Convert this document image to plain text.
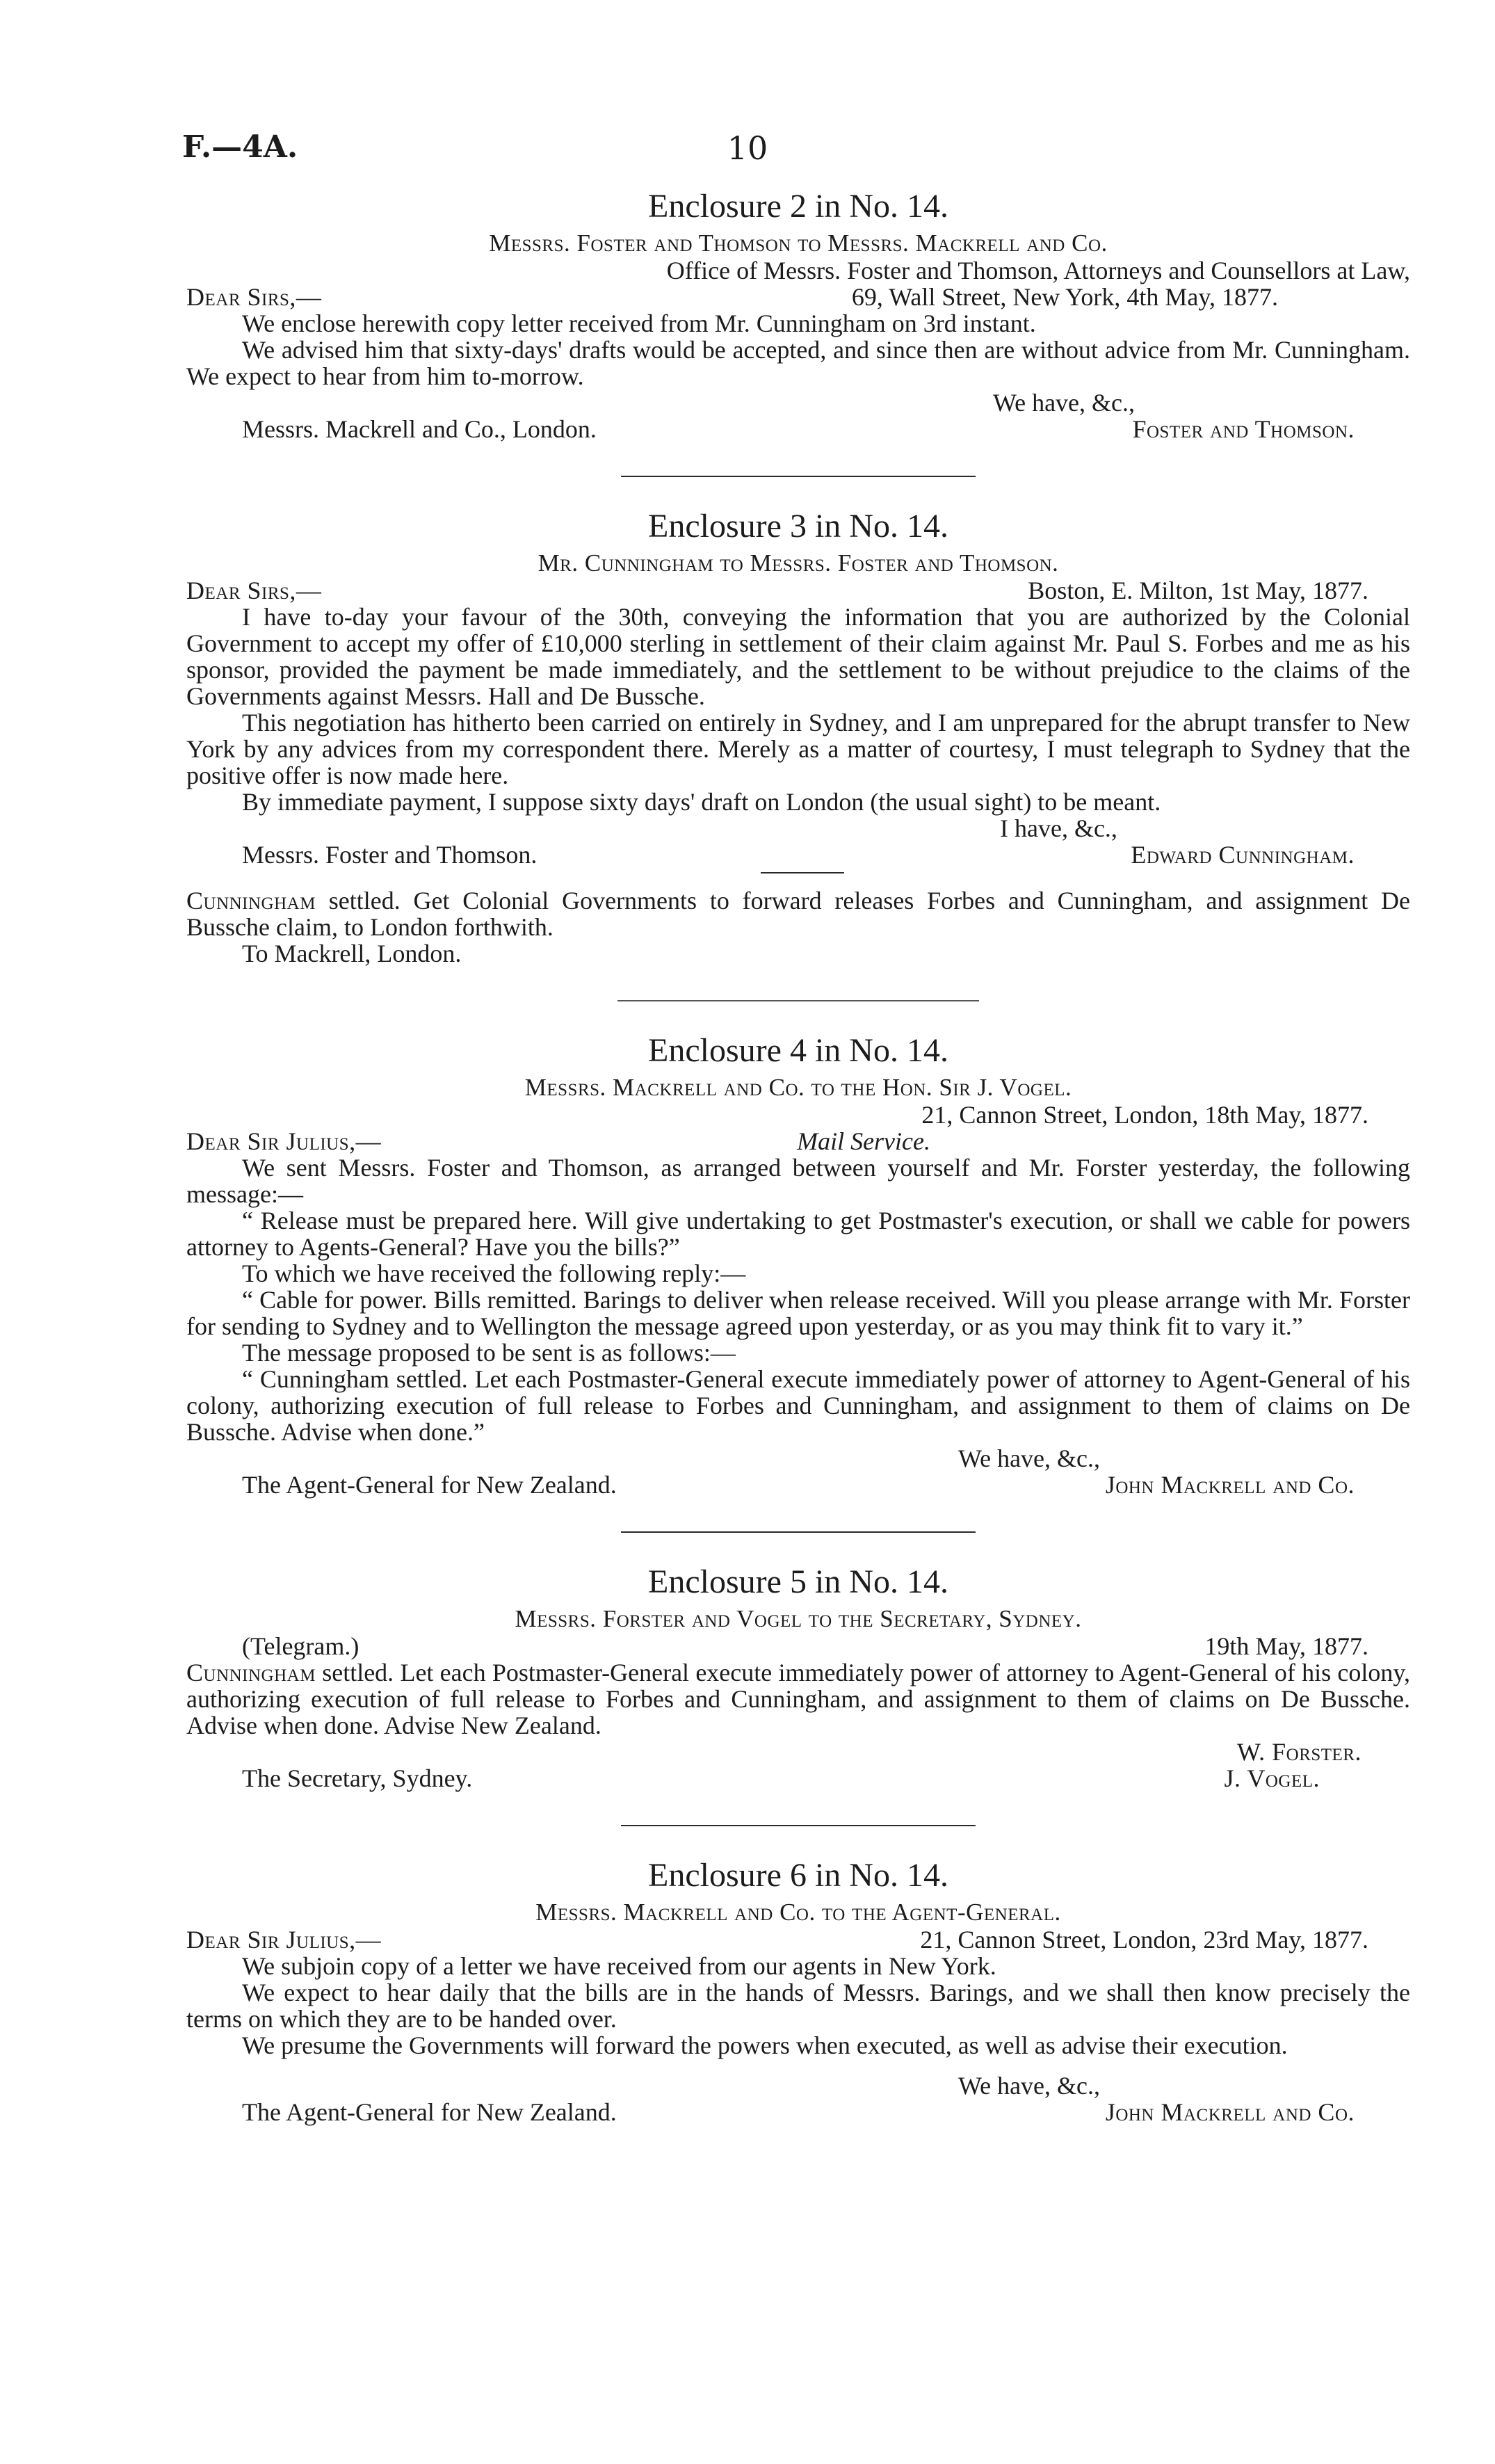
F.—4A.	10
Enclosure 2 in No. 14.
Messrs. Foster and Thomson to Messrs. Mackrell and Co.
Office of Messrs. Foster and Thomson, Attorneys and Counsellors at Law,
Dear Sirs,—	69, Wall Street, New York, 4th May, 1877.
We enclose herewith copy letter received from Mr. Cunningham on 3rd instant.
We advised him that sixty-days' drafts would be accepted, and since then are without advice from Mr. Cunningham. We expect to hear from him to-morrow.
We have, &c.,
Messrs. Mackrell and Co., London.	Foster and Thomson.
Enclosure 3 in No. 14.
Mr. Cunningham to Messrs. Foster and Thomson.
Dear Sirs,—	Boston, E. Milton, 1st May, 1877.
I have to-day your favour of the 30th, conveying the information that you are authorized by the Colonial Government to accept my offer of £10,000 sterling in settlement of their claim against Mr. Paul S. Forbes and me as his sponsor, provided the payment be made immediately, and the settlement to be without prejudice to the claims of the Governments against Messrs. Hall and De Bussche.
This negotiation has hitherto been carried on entirely in Sydney, and I am unprepared for the abrupt transfer to New York by any advices from my correspondent there. Merely as a matter of courtesy, I must telegraph to Sydney that the positive offer is now made here.
By immediate payment, I suppose sixty days' draft on London (the usual sight) to be meant.
I have, &c.,
Messrs. Foster and Thomson.	Edward Cunningham.
Cunningham settled. Get Colonial Governments to forward releases Forbes and Cunningham, and assignment De Bussche claim, to London forthwith.
To Mackrell, London.
Enclosure 4 in No. 14.
Messrs. Mackrell and Co. to the Hon. Sir J. Vogel.
21, Cannon Street, London, 18th May, 1877.
Dear Sir Julius,—	Mail Service.
We sent Messrs. Foster and Thomson, as arranged between yourself and Mr. Forster yesterday, the following message:—
“ Release must be prepared here. Will give undertaking to get Postmaster's execution, or shall we cable for powers attorney to Agents-General? Have you the bills?”
To which we have received the following reply:—
“ Cable for power. Bills remitted. Barings to deliver when release received. Will you please arrange with Mr. Forster for sending to Sydney and to Wellington the message agreed upon yesterday, or as you may think fit to vary it.”
The message proposed to be sent is as follows:—
“ Cunningham settled. Let each Postmaster-General execute immediately power of attorney to Agent-General of his colony, authorizing execution of full release to Forbes and Cunningham, and assignment to them of claims on De Bussche. Advise when done.”
We have, &c.,
The Agent-General for New Zealand.	John Mackrell and Co.
Enclosure 5 in No. 14.
Messrs. Forster and Vogel to the Secretary, Sydney.
(Telegram.)	19th May, 1877.
Cunningham settled. Let each Postmaster-General execute immediately power of attorney to Agent-General of his colony, authorizing execution of full release to Forbes and Cunningham, and assignment to them of claims on De Bussche. Advise when done. Advise New Zealand.
W. Forster.
The Secretary, Sydney.	J. Vogel.
Enclosure 6 in No. 14.
Messrs. Mackrell and Co. to the Agent-General.
Dear Sir Julius,—	21, Cannon Street, London, 23rd May, 1877.
We subjoin copy of a letter we have received from our agents in New York.
We expect to hear daily that the bills are in the hands of Messrs. Barings, and we shall then know precisely the terms on which they are to be handed over.
We presume the Governments will forward the powers when executed, as well as advise their execution.
We have, &c.,
The Agent-General for New Zealand.	John Mackrell and Co.
